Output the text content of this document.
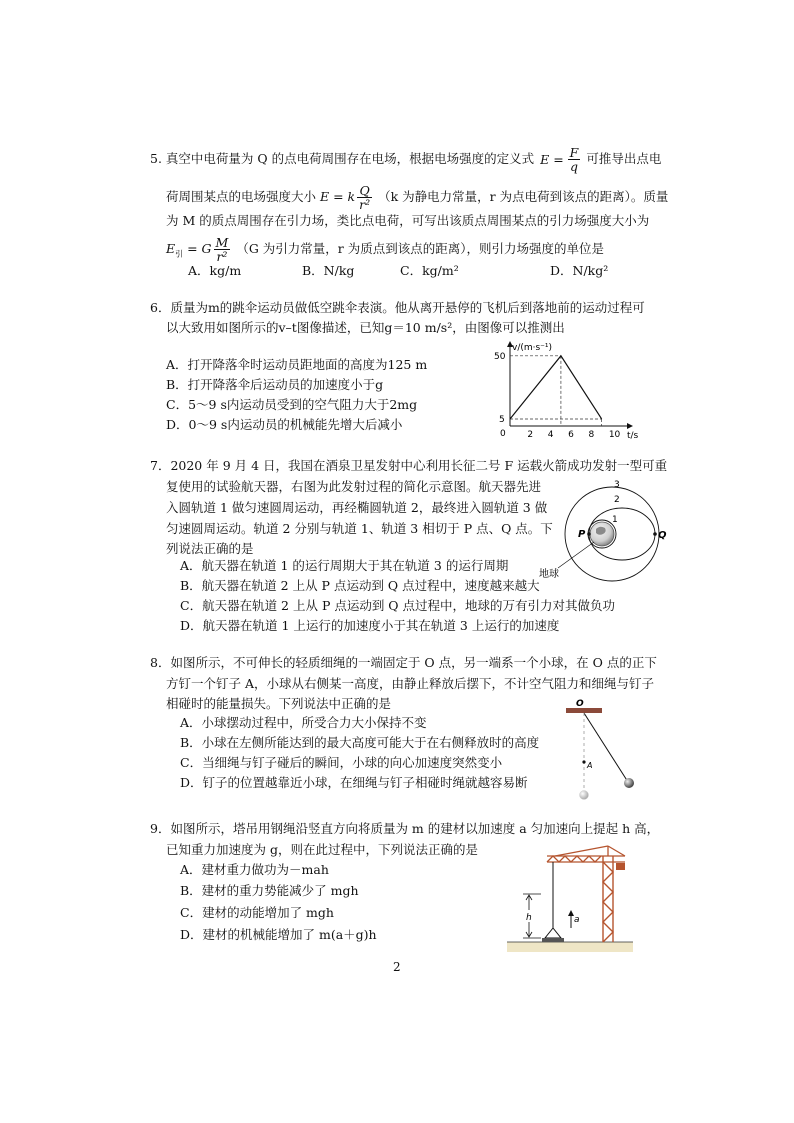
5. 真空中电荷量为 Q 的点电荷周围存在电场，根据电场强度的定义式 $E = \frac{F}{q}$ 可推导出点电
荷周围某点的电场强度大小 E = k $\frac{Q}{\text{r²}} (k$ 为静电力常量，r 为点电荷到该点的距离）。质量
为 M 的质点周围存在引力场，类比点电荷，可写出该质点周围某点的引力场强度大小为
$E_引 = G \frac{M}{\text{r²}} (G$ 为引力常量，r 为质点到该点的距离），则引力场强度的单位是
A．kg/m	B．N/kg	C．kg/m²	D．N/kg²
6．质量为m的跳伞运动员做低空跳伞表演。他从离开悬停的飞机后到落地前的运动过程可
以大致用如图所示的v–t图像描述，已知g＝10 m/s²，由图像可以推测出
A．打开降落伞时运动员距地面的高度为125 m
B．打开降落伞后运动员的加速度小于g
C．5～9 s内运动员受到的空气阻力大于2mg
D．0～9 s内运动员的机械能先增大后减小
v/(m·s⁻¹)
t/s
0 2 4 6 8 10
5
50
7．2020 年 9 月 4 日，我国在酒泉卫星发射中心利用长征二号 F 运载火箭成功发射一型可重
复使用的试验航天器，右图为此发射过程的简化示意图。航天器先进
入圆轨道 1 做匀速圆周运动，再经椭圆轨道 2，最终进入圆轨道 3 做
匀速圆周运动。轨道 2 分别与轨道 1、轨道 3 相切于 P 点、Q 点。下
列说法正确的是
A．航天器在轨道 1 的运行周期大于其在轨道 3 的运行周期
B．航天器在轨道 2 上从 P 点运动到 Q 点过程中，速度越来越大
C．航天器在轨道 2 上从 P 点运动到 Q 点过程中，地球的万有引力对其做负功
D．航天器在轨道 1 上运行的加速度小于其在轨道 3 上运行的加速度
1
2
3
P	Q
地球
8．如图所示，不可伸长的轻质细绳的一端固定于 O 点，另一端系一个小球，在 O 点的正下
方钉一个钉子 A，小球从右侧某一高度，由静止释放后摆下，不计空气阻力和细绳与钉子
相碰时的能量损失。下列说法中正确的是
A．小球摆动过程中，所受合力大小保持不变
B．小球在左侧所能达到的最大高度可能大于在右侧释放时的高度
C．当细绳与钉子碰后的瞬间，小球的向心加速度突然变小
D．钉子的位置越靠近小球，在细绳与钉子相碰时绳就越容易断
O
A
9．如图所示，塔吊用钢绳沿竖直方向将质量为 m 的建材以加速度 a 匀加速向上提起 h 高，
已知重力加速度为 g，则在此过程中，下列说法正确的是
A．建材重力做功为－mah
B．建材的重力势能减少了 mgh
C．建材的动能增加了 mgh
D．建材的机械能增加了 m(a＋g)h
h	a
2
